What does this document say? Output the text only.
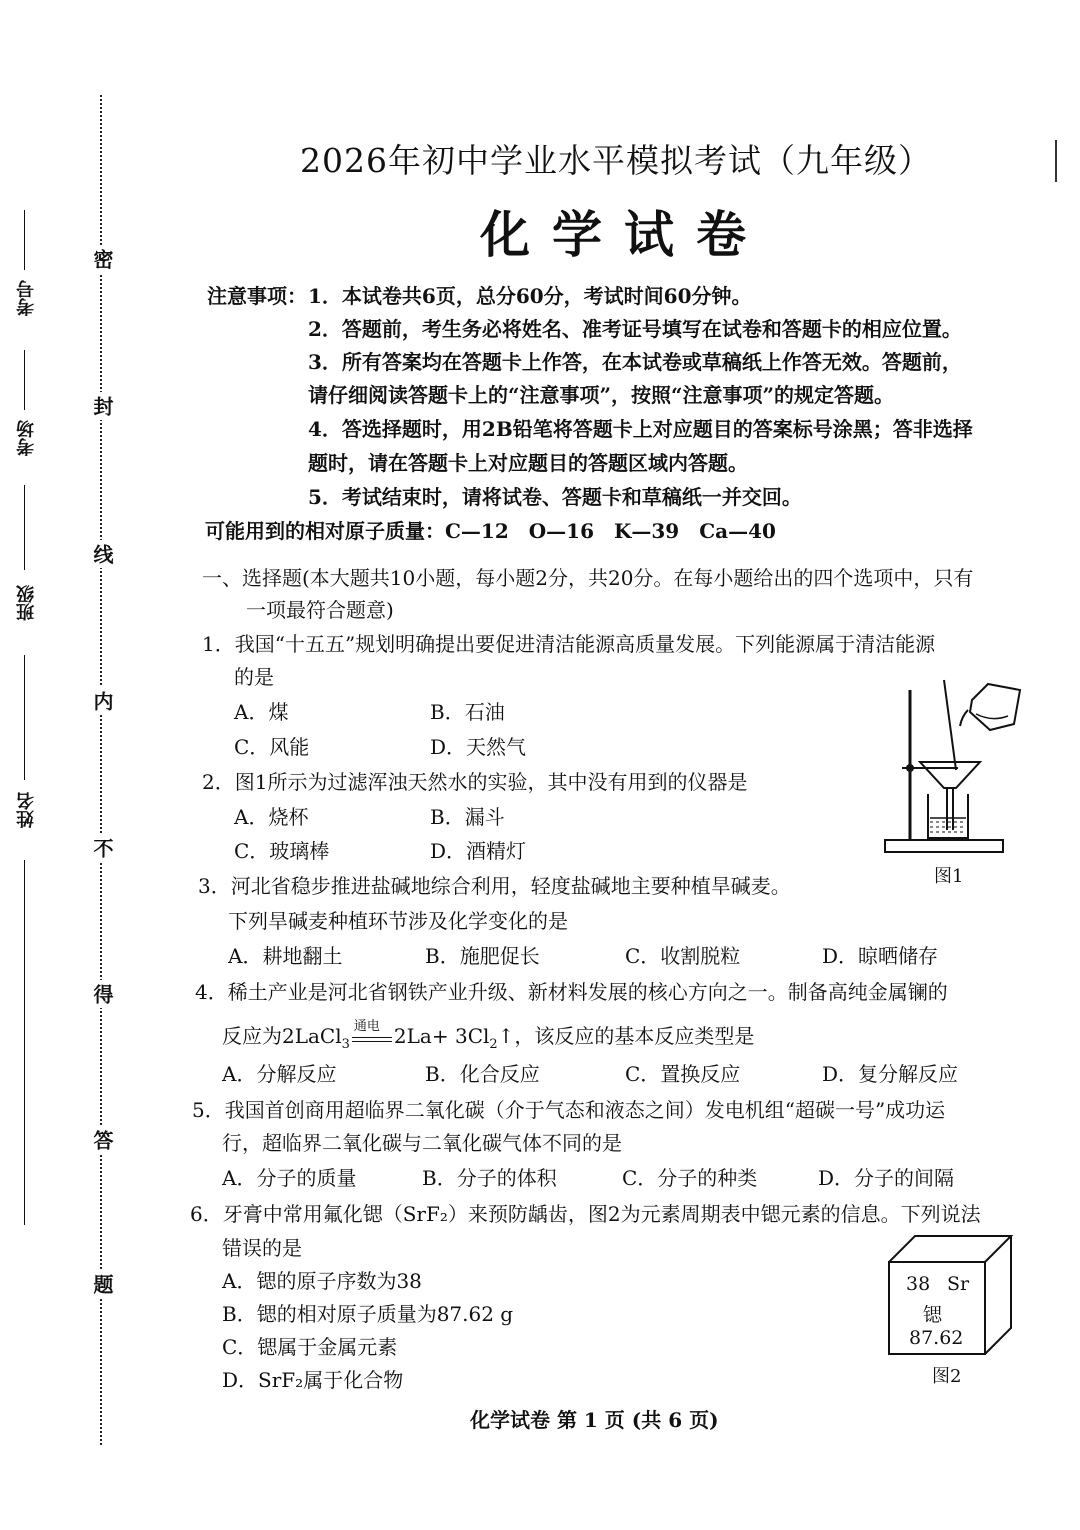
密
封
线
内
不
得
答
题
考号
考场
班级
姓名
2026年初中学业水平模拟考试（九年级）
化学试卷
注意事项： 1．本试卷共6页，总分60分，考试时间60分钟。
2．答题前，考生务必将姓名、准考证号填写在试卷和答题卡的相应位置。
3．所有答案均在答题卡上作答，在本试卷或草稿纸上作答无效。答题前，
请仔细阅读答题卡上的“注意事项”，按照“注意事项”的规定答题。
4．答选择题时，用2B铅笔将答题卡上对应题目的答案标号涂黑；答非选择
题时，请在答题卡上对应题目的答题区域内答题。
5．考试结束时，请将试卷、答题卡和草稿纸一并交回。
可能用到的相对原子质量：C—12　O—16　K—39　Ca—40
一、选择题(本大题共10小题，每小题2分，共20分。在每小题给出的四个选项中，只有
一项最符合题意)
1．我国“十五五”规划明确提出要促进清洁能源高质量发展。下列能源属于清洁能源
的是
A．煤	B．石油
C．风能	D．天然气
2．图1所示为过滤浑浊天然水的实验，其中没有用到的仪器是
A．烧杯	B．漏斗
C．玻璃棒	D．酒精灯
图1
3．河北省稳步推进盐碱地综合利用，轻度盐碱地主要种植旱碱麦。
下列旱碱麦种植环节涉及化学变化的是
A．耕地翻土	B．施肥促长	C．收割脱粒	D．晾晒储存
4．稀土产业是河北省钢铁产业升级、新材料发展的核心方向之一。制备高纯金属镧的
反应为2LaCl$_3$
通电 $2La+ 3Cl_2↑$，该反应的基本反应类型是
A．分解反应	B．化合反应	C．置换反应	D．复分解反应
5．我国首创商用超临界二氧化碳（介于气态和液态之间）发电机组“超碳一号”成功运
行，超临界二氧化碳与二氧化碳气体不同的是
A．分子的质量	B．分子的体积	C．分子的种类	D．分子的间隔
6．牙膏中常用氟化锶（SrF₂）来预防龋齿，图2为元素周期表中锶元素的信息。下列说法
错误的是
A．锶的原子序数为38
B．锶的相对原子质量为87.62 g
C．锶属于金属元素
D．SrF₂属于化合物
38 Sr
锶
87.62
图2
化学试卷 第 1 页 (共 6 页)
